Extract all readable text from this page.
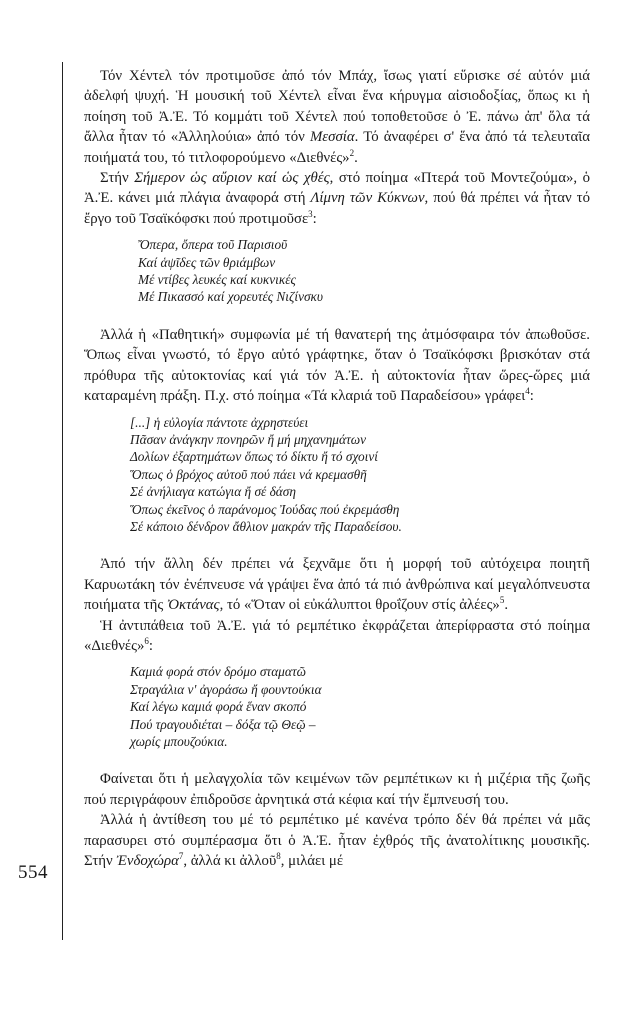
554

Τόν Χέντελ τόν προτιμοῦσε ἀπό τόν Μπάχ, ἴσως γιατί εὕρισκε σέ αὐτόν μιά ἀδελφή ψυχή. Ἡ μουσική τοῦ Χέντελ εἶναι ἕνα κήρυγμα αἰσιοδοξίας, ὅπως κι ἡ ποίηση τοῦ Ἀ.Ἐ. Τό κομμάτι τοῦ Χέντελ πού τοποθετοῦσε ὁ Ἐ. πάνω ἀπ' ὅλα τά ἄλλα ἦταν τό «Ἀλληλούια» ἀπό τόν Μεσσία. Τό ἀναφέρει σ' ἕνα ἀπό τά τελευταῖα ποιήματά του, τό τιτλοφορούμενο «Διεθνές»$^2$.

Στήν Σήμερον ὡς αὔριον καί ὡς χθές, στό ποίημα «Πτερά τοῦ Μοντεζούμα», ὁ Ἀ.Ἐ. κάνει μιά πλάγια ἀναφορά στή Λίμνη τῶν Κύκνων, πού θά πρέπει νά ἦταν τό ἔργο τοῦ Τσαϊκόφσκι πού προτιμοῦσε$^3$:

Ὄπερα, ὄπερα τοῦ Παρισιοῦ
Καί ἁψῖδες τῶν θριάμβων
Μέ ντίβες λευκές καί κυκνικές
Μέ Πικασσό καί χορευτές Νιζίνσκυ

Ἀλλά ἡ «Παθητική» συμφωνία μέ τή θανατερή της ἀτμόσφαιρα τόν ἀπωθοῦσε. Ὅπως εἶναι γνωστό, τό ἔργο αὐτό γράφτηκε, ὅταν ὁ Τσαϊκόφσκι βρισκόταν στά πρόθυρα τῆς αὐτοκτονίας καί γιά τόν Ἀ.Ἐ. ἡ αὐτοκτονία ἦταν ὥρες-ὥρες μιά καταραμένη πράξη. Π.χ. στό ποίημα «Τά κλαριά τοῦ Παραδείσου» γράφει$^4$:

[...] ἡ εὐλογία πάντοτε ἀχρηστεύει
Πᾶσαν ἀνάγκην πονηρῶν ἤ μή μηχανημάτων
Δολίων ἐξαρτημάτων ὅπως τό δίκτυ ἤ τό σχοινί
Ὅπως ὁ βρόχος αὐτοῦ πού πάει νά κρεμασθῆ
Σέ ἀνήλιαγα κατώγια ἤ σέ δάση
Ὅπως ἐκεῖνος ὁ παράνομος Ἰούδας πού ἐκρεμάσθη
Σέ κάποιο δένδρον ἄθλιον μακράν τῆς Παραδείσου.

Ἀπό τήν ἄλλη δέν πρέπει νά ξεχνᾶμε ὅτι ἡ μορφή τοῦ αὐτόχειρα ποιητῆ Καρυωτάκη τόν ἐνέπνευσε νά γράψει ἕνα ἀπό τά πιό ἀνθρώπινα καί μεγαλόπνευστα ποιήματα τῆς Ὀκτάνας, τό «Ὅταν οἱ εὐκάλυπτοι θροΐζουν στίς ἀλέες»$^5$.

Ἡ ἀντιπάθεια τοῦ Ἀ.Ἐ. γιά τό ρεμπέτικο ἐκφράζεται ἀπερίφραστα στό ποίημα «Διεθνές»$^6$:

Καμιά φορά στόν δρόμο σταματῶ
Στραγάλια ν' ἀγοράσω ἤ φουντούκια
Καί λέγω καμιά φορά ἕναν σκοπό
Πού τραγουδιέται – δόξα τῷ Θεῷ –
χωρίς μπουζούκια.

Φαίνεται ὅτι ἡ μελαγχολία τῶν κειμένων τῶν ρεμπέτικων κι ἡ μιζέρια τῆς ζωῆς πού περιγράφουν ἐπιδροῦσε ἀρνητικά στά κέφια καί τήν ἔμπνευσή του.

Ἀλλά ἡ ἀντίθεση του μέ τό ρεμπέτικο μέ κανένα τρόπο δέν θά πρέπει νά μᾶς παρασυρει στό συμπέρασμα ὅτι ὁ Ἀ.Ἐ. ἦταν ἐχθρός τῆς ἀνατολίτικης μουσικῆς. Στήν Ἐνδοχώρα$^7$, ἀλλά κι ἀλλοῦ$^8$, μιλάει μέ
